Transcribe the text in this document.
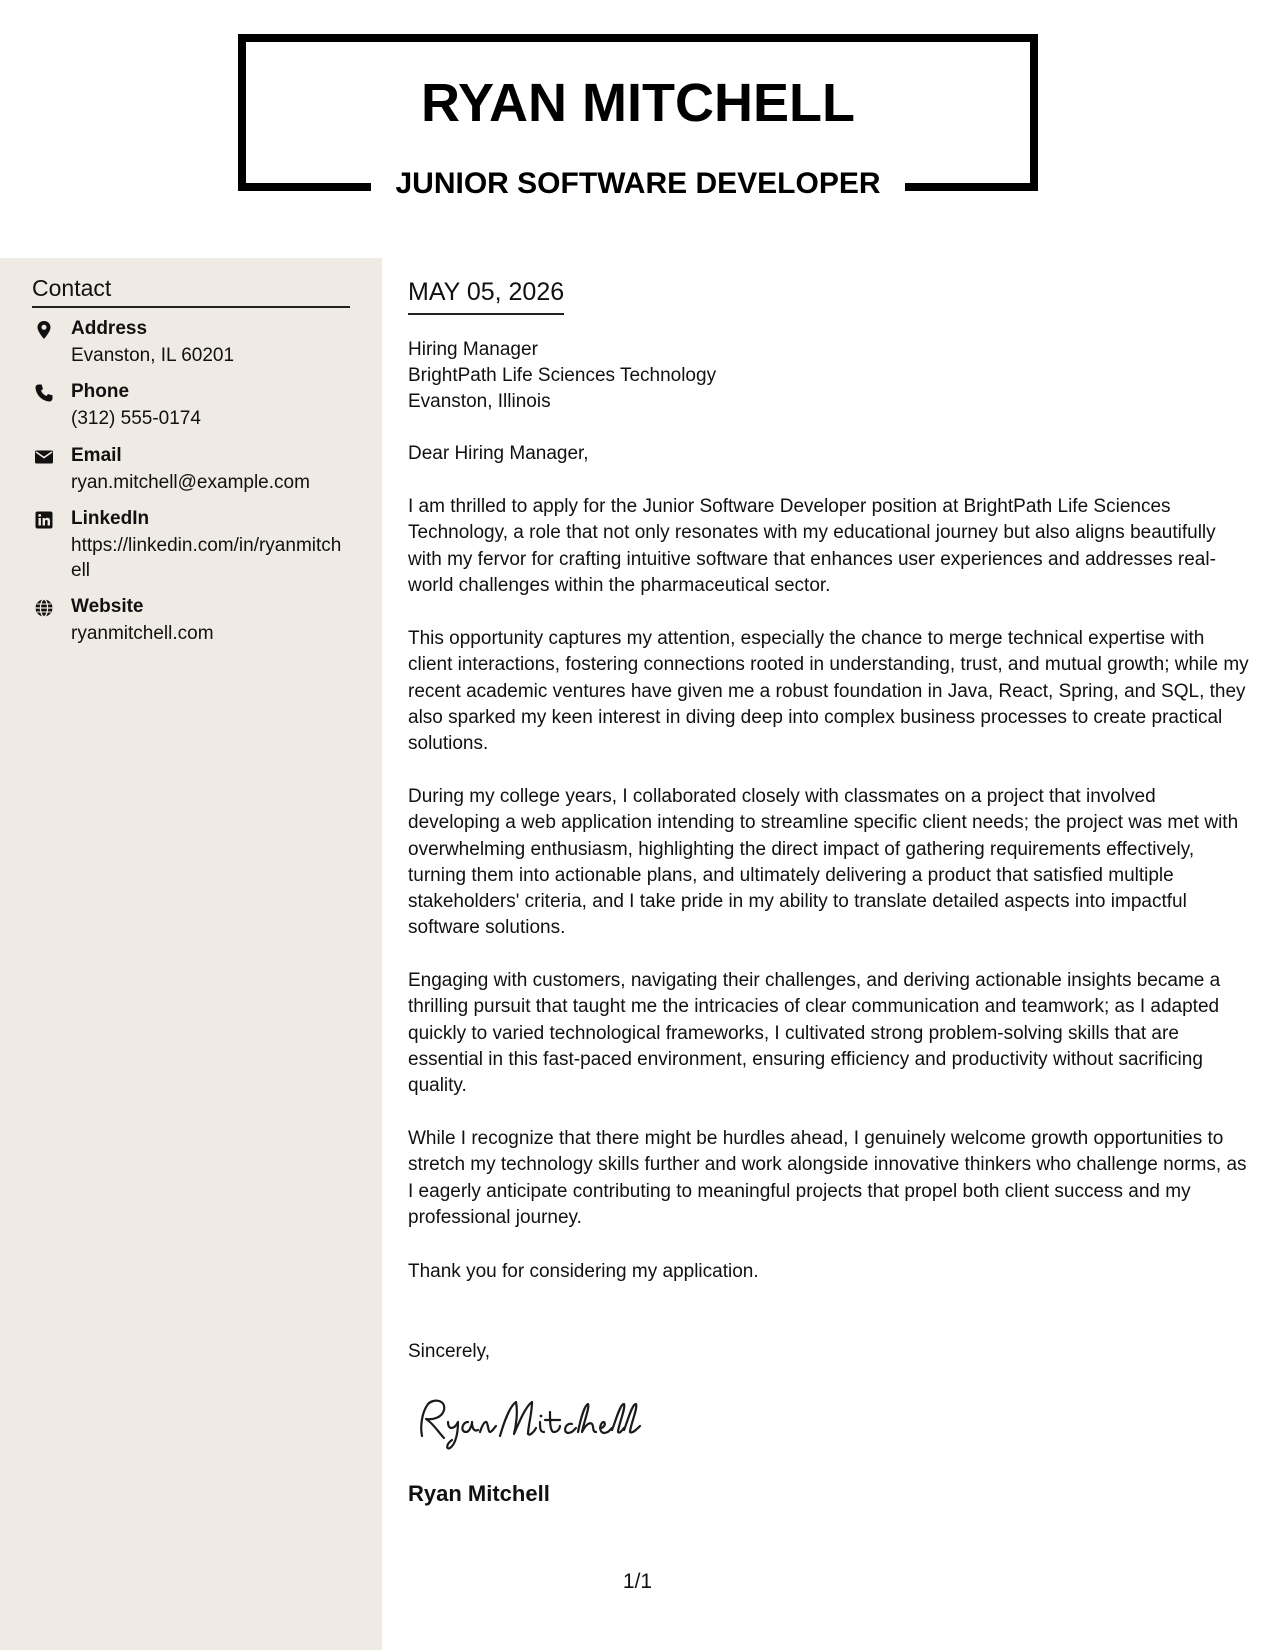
RYAN MITCHELL
JUNIOR SOFTWARE DEVELOPER
Contact
Address
Evanston, IL 60201
Phone
(312) 555-0174
Email
ryan.mitchell@example.com
LinkedIn
https://linkedin.com/in/ryanmitchell
Website
ryanmitchell.com
MAY 05, 2026
Hiring Manager
BrightPath Life Sciences Technology
Evanston, Illinois
Dear Hiring Manager,
I am thrilled to apply for the Junior Software Developer position at BrightPath Life Sciences Technology, a role that not only resonates with my educational journey but also aligns beautifully with my fervor for crafting intuitive software that enhances user experiences and addresses real-world challenges within the pharmaceutical sector.
This opportunity captures my attention, especially the chance to merge technical expertise with client interactions, fostering connections rooted in understanding, trust, and mutual growth; while my recent academic ventures have given me a robust foundation in Java, React, Spring, and SQL, they also sparked my keen interest in diving deep into complex business processes to create practical solutions.
During my college years, I collaborated closely with classmates on a project that involved developing a web application intending to streamline specific client needs; the project was met with overwhelming enthusiasm, highlighting the direct impact of gathering requirements effectively, turning them into actionable plans, and ultimately delivering a product that satisfied multiple stakeholders' criteria, and I take pride in my ability to translate detailed aspects into impactful software solutions.
Engaging with customers, navigating their challenges, and deriving actionable insights became a thrilling pursuit that taught me the intricacies of clear communication and teamwork; as I adapted quickly to varied technological frameworks, I cultivated strong problem-solving skills that are essential in this fast-paced environment, ensuring efficiency and productivity without sacrificing quality.
While I recognize that there might be hurdles ahead, I genuinely welcome growth opportunities to stretch my technology skills further and work alongside innovative thinkers who challenge norms, as I eagerly anticipate contributing to meaningful projects that propel both client success and my professional journey.
Thank you for considering my application.
Sincerely,
Ryan Mitchell
1/1
